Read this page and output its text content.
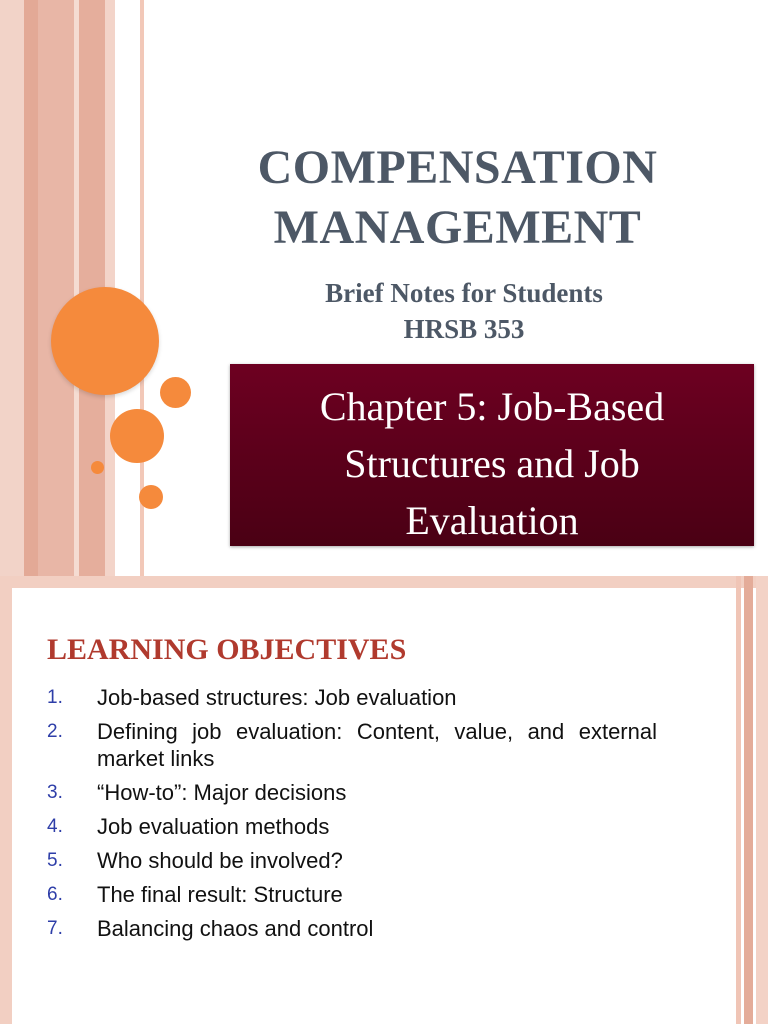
COMPENSATION
MANAGEMENT
Brief Notes for Students
HRSB 353
Chapter 5: Job-Based
Structures and Job
Evaluation
LEARNING OBJECTIVES
1.	Job-based structures: Job evaluation
2.	Defining job evaluation: Content, value, and external market links
3.	“How-to”: Major decisions
4.	Job evaluation methods
5.	Who should be involved?
6.	The final result: Structure
7.	Balancing chaos and control
